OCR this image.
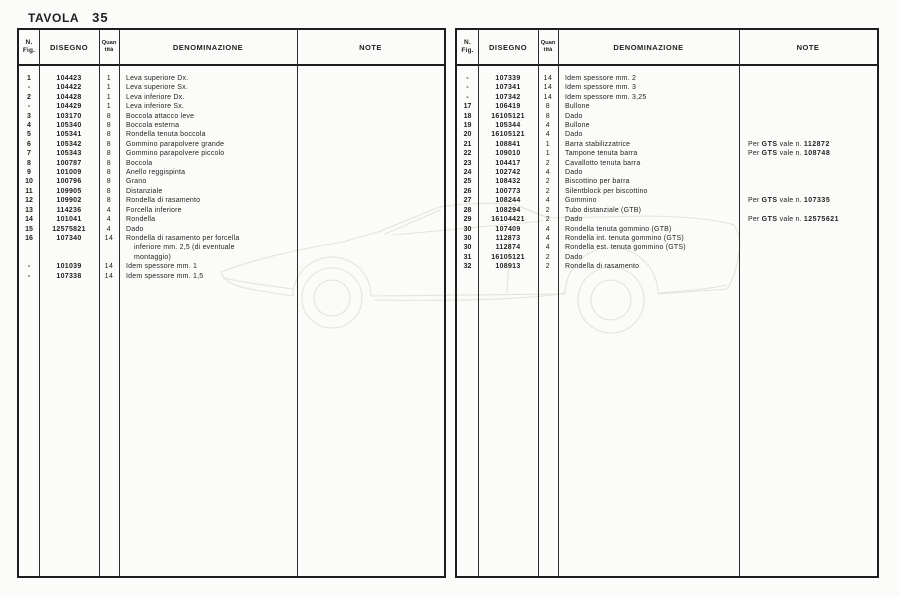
TAVOLA 35
N.
Fig.	DISEGNO	Quan
tità	DENOMINAZIONE	NOTE
1	104423	1	Leva superiore Dx.
-	104422	1	Leva superiore Sx.
2	104428	1	Leva inferiore Dx.
-	104429	1	Leva inferiore Sx.
3	103170	8	Boccola attacco leve
4	105340	8	Boccola esterna
5	105341	8	Rondella tenuta boccola
6	105342	8	Gommino parapolvere grande
7	105343	8	Gommino parapolvere piccolo
8	100787	8	Boccola
9	101009	8	Anello reggispinta
10	100796	8	Grano
11	109905	8	Distanziale
12	109902	8	Rondella di rasamento
13	114236	4	Forcella inferiore
14	101041	4	Rondella
15	12575821	4	Dado
16	107340	14	Rondella di rasamento per forcella
inferiore mm. 2,5 (di eventuale
montaggio)
-	101039	14	Idem spessore mm. 1
-	107338	14	Idem spessore mm. 1,5
N.
Fig.	DISEGNO	Quan
tità	DENOMINAZIONE	NOTE
-	107339	14	Idem spessore mm. 2
-	107341	14	Idem spessore mm. 3
-	107342	14	Idem spessore mm. 3,25
17	106419	8	Bullone
18	16105121	8	Dado
19	105344	4	Bullone
20	16105121	4	Dado
21	108841	1	Barra stabilizzatrice	Per GTS vale n. 112872
22	109010	1	Tampone tenuta barra	Per GTS vale n. 108748
23	104417	2	Cavallotto tenuta barra
24	102742	4	Dado
25	108432	2	Biscottino per barra
26	100773	2	Silentblock per biscottino
27	108244	4	Gommino	Per GTS vale n. 107335
28	108294	2	Tubo distanziale (GTB)
29	16104421	2	Dado	Per GTS vale n. 12575621
30	107409	4	Rondella tenuta gommino (GTB)
30	112873	4	Rondella int. tenuta gommino (GTS)
30	112874	4	Rondella est. tenuta gommino (GTS)
31	16105121	2	Dado
32	108913	2	Rondella di rasamento
